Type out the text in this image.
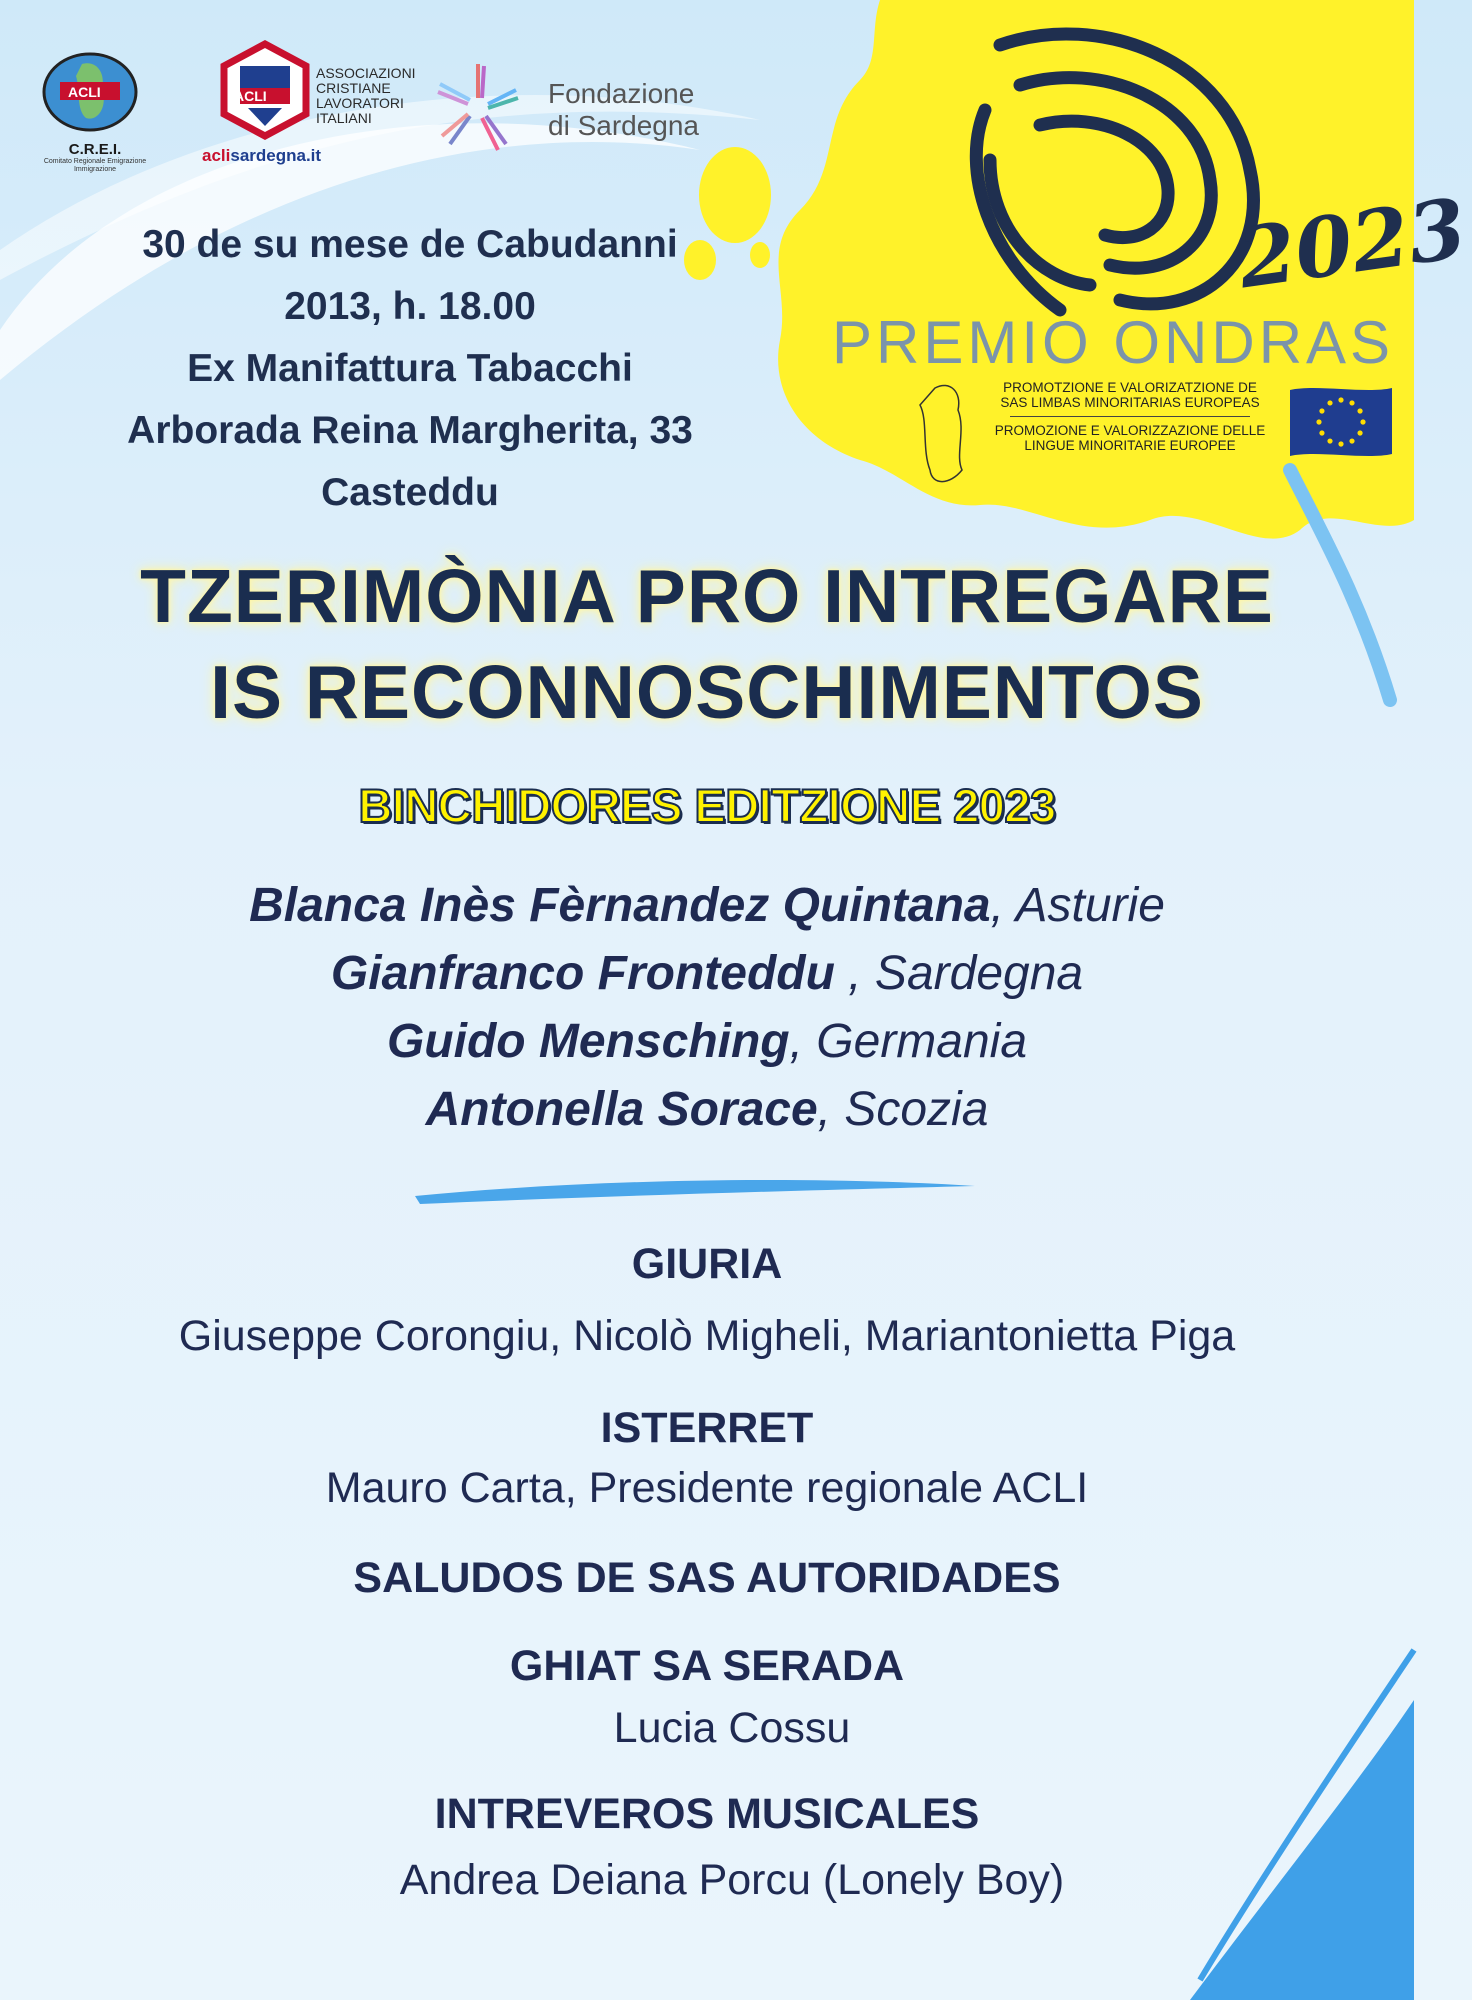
ACLI
C.R.E.I.
Comitato Regionale Emigrazione Immigrazione
ACLI
ASSOCIAZIONI
CRISTIANE
LAVORATORI
ITALIANI
aclisardegna.it
Fondazione
di Sardegna
30 de su mese de Cabudanni
2013, h. 18.00
Ex Manifattura Tabacchi
Arborada Reina Margherita, 33
Casteddu
2023
PREMIO ONDRAS
PROMOTZIONE E VALORIZATZIONE DE SAS LIMBAS MINORITARIAS EUROPEAS
PROMOZIONE E VALORIZZAZIONE DELLE LINGUE MINORITARIE EUROPEE
TZERIMÒNIA PRO INTREGARE
IS RECONNOSCHIMENTOS
BINCHIDORES EDITZIONE 2023
Blanca Inès Fèrnandez Quintana, Asturie
Gianfranco Fronteddu , Sardegna
Guido Mensching, Germania
Antonella Sorace, Scozia
GIURIA
Giuseppe Corongiu, Nicolò Migheli, Mariantonietta Piga
ISTERRET
Mauro Carta, Presidente regionale ACLI
SALUDOS DE SAS AUTORIDADES
GHIAT SA SERADA
Lucia Cossu
INTREVEROS MUSICALES
Andrea Deiana Porcu (Lonely Boy)
